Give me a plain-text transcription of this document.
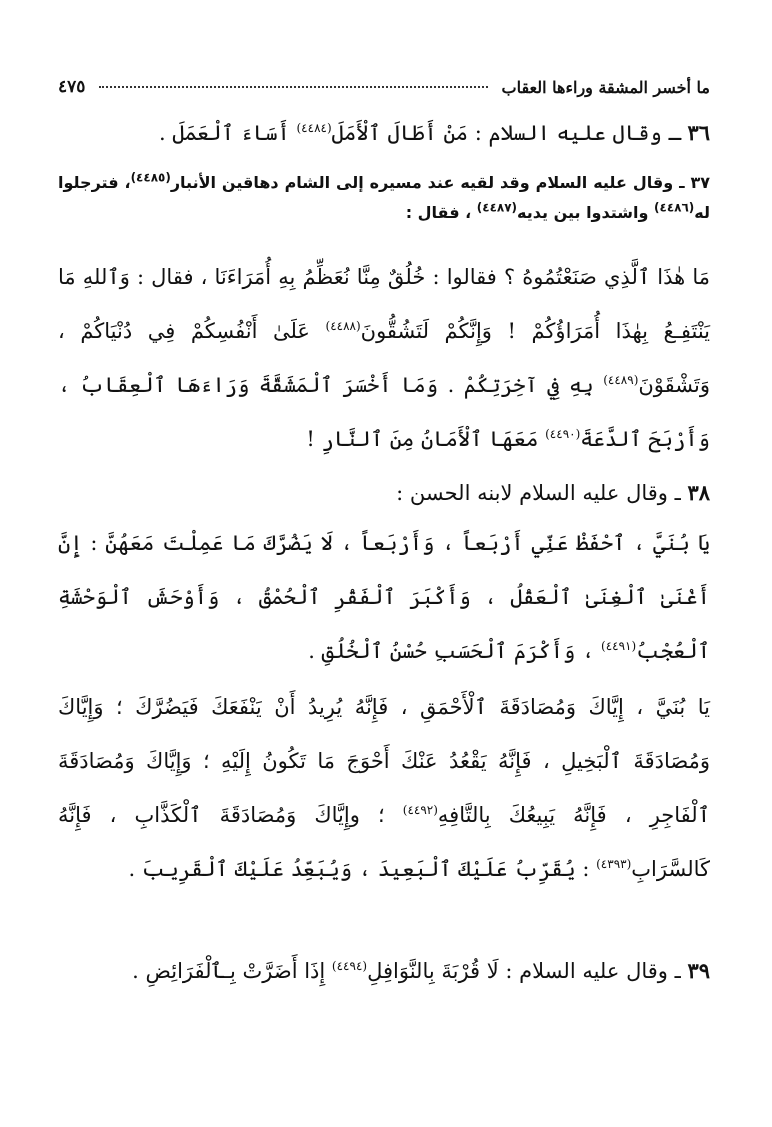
ما أخسر المشقة وراءها العقاب
٤٧٥
٣٦ ـ وقال عليه السلام : مَنْ أَطَالَ ٱلْأَمَلَ$^{(٤٤٨٤)}$ أَسَاءَ ٱلْعَمَلَ .
٣٧ ـ وقال عليه السلام وقد لقيه عند مسيره إلى الشام دهاقين الأنبار$^{(٤٤٨٥)}$، فترجلوا له$^{(٤٤٨٦)}$ واشتدوا بين يديه$^{(٤٤٨٧)}$ ، فقال :
مَا هٰذَا ٱلَّذِي صَنَعْتُمُوهُ ؟ فقالوا : خُلُقٌ مِنَّا نُعَظِّمُ بِهِ أُمَرَاءَنَا ، فقال : وَٱللهِ مَا يَنْتَفِـعُ بِهٰذَا أُمَرَاؤُكُمْ ! وَإِنَّكُمْ لَتَشُقُّونَ$^{(٤٤٨٨)}$ عَلَىٰ أَنْفُسِكُمْ فِي دُنْيَاكُمْ ، وَتَشْقَوْنَ$^{(٤٤٨٩)}$ بِهِ فِي آخِرَتِكُمْ . وَمَا أَخْسَرَ ٱلْمَشَقَّةَ وَرَاءَهَا ٱلْعِقَابُ ، وَأَرْبَحَ ٱلدَّعَةَ$^{(٤٤٩٠)}$ مَعَهَا ٱلْأَمَانُ مِنَ ٱلنَّارِ !
٣٨ ـ وقال عليه السلام لابنه الحسن :
يَا بُنَيَّ ، ٱحْفَظْ عَنِّي أَرْبَعاً ، وَأَرْبَعاً ، لَا يَضُرَّكَ مَا عَمِلْتَ مَعَهُنَّ : إِنَّ أَغْنَىٰ ٱلْغِنَىٰ ٱلْعَقْلُ ، وَأَكْبَرَ ٱلْفَقْرِ ٱلْحُمْقُ ، وَأَوْحَشَ ٱلْوَحْشَةِ ٱلْعُجْبُ$^{(٤٤٩١)}$ ، وَأَكْرَمَ ٱلْحَسَبِ حُسْنُ ٱلْخُلُقِ .
يَا بُنَيَّ ، إِيَّاكَ وَمُصَادَقَةَ ٱلْأَحْمَقِ ، فَإِنَّهُ يُرِيدُ أَنْ يَنْفَعَكَ فَيَضُرَّكَ ؛ وَإِيَّاكَ وَمُصَادَقَةَ ٱلْبَخِيلِ ، فَإِنَّهُ يَقْعُدُ عَنْكَ أَحْوَجَ مَا تَكُونُ إِلَيْهِ ؛ وَإِيَّاكَ وَمُصَادَقَةَ ٱلْفَاجِرِ ، فَإِنَّهُ يَبِيعُكَ بِالتَّافِهِ$^{(٤٤٩٢)}$ ؛ وإِيَّاكَ وَمُصَادَقَةَ ٱلْكَذَّابِ ، فَإِنَّهُ كَالسَّرَابِ$^{(٤٣٩٣)}$ : يُقَرِّبُ عَلَيْكَ ٱلْبَعِيدَ ، وَيُبَعِّدُ عَلَيْكَ ٱلْقَرِيبَ .
٣٩ ـ وقال عليه السلام : لَا قُرْبَةَ بِالنَّوَافِلِ$^{(٤٤٩٤)}$ إِذَا أَضَرَّتْ بِـٱلْفَرَائِضِ .
